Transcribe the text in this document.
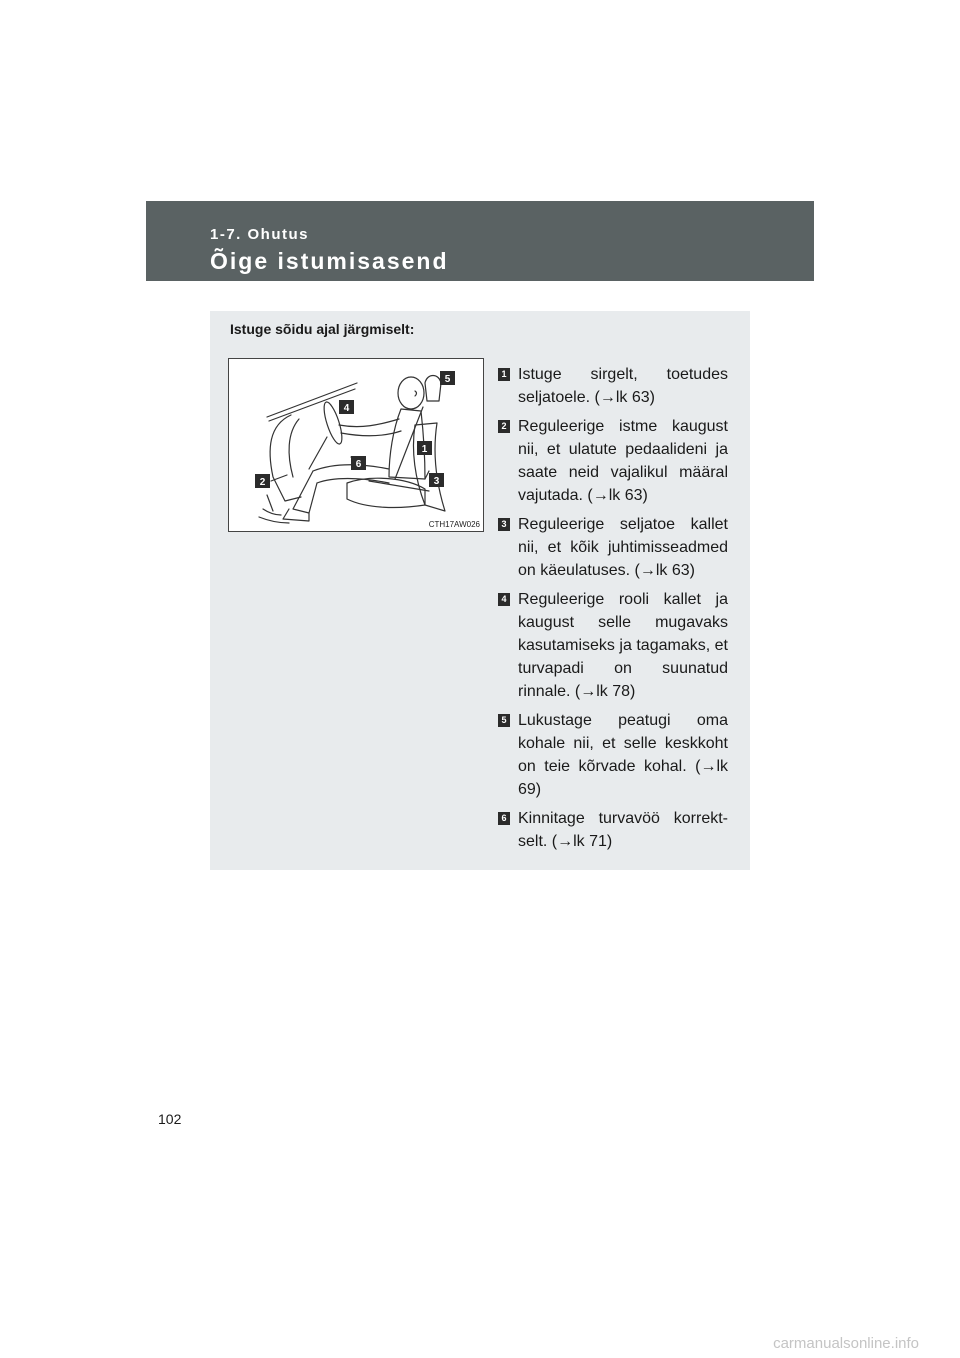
1-7. Ohutus
Õige istumisasend
Istuge sõidu ajal järgmiselt:
5
4
1
6
3
2
CTH17AW026
1 Istuge sirgelt, toetudes seljatoele. (→lk 63)
2 Reguleerige istme kaugust nii, et ulatute pedaalideni ja saate neid vajalikul määral vajutada. (→lk 63)
3 Reguleerige seljatoe kallet nii, et kõik juhtimisseadmed on käeulatuses. (→lk 63)
4 Reguleerige rooli kallet ja kaugust selle mugavaks kasutamiseks ja tagamaks, et turvapadi on suunatud rinnale. (→lk 78)
5 Lukustage peatugi oma kohale nii, et selle keskkoht on teie kõrvade kohal. (→lk 69)
6 Kinnitage turvavöö korrektselt. (→lk 71)
102
carmanualsonline.info
